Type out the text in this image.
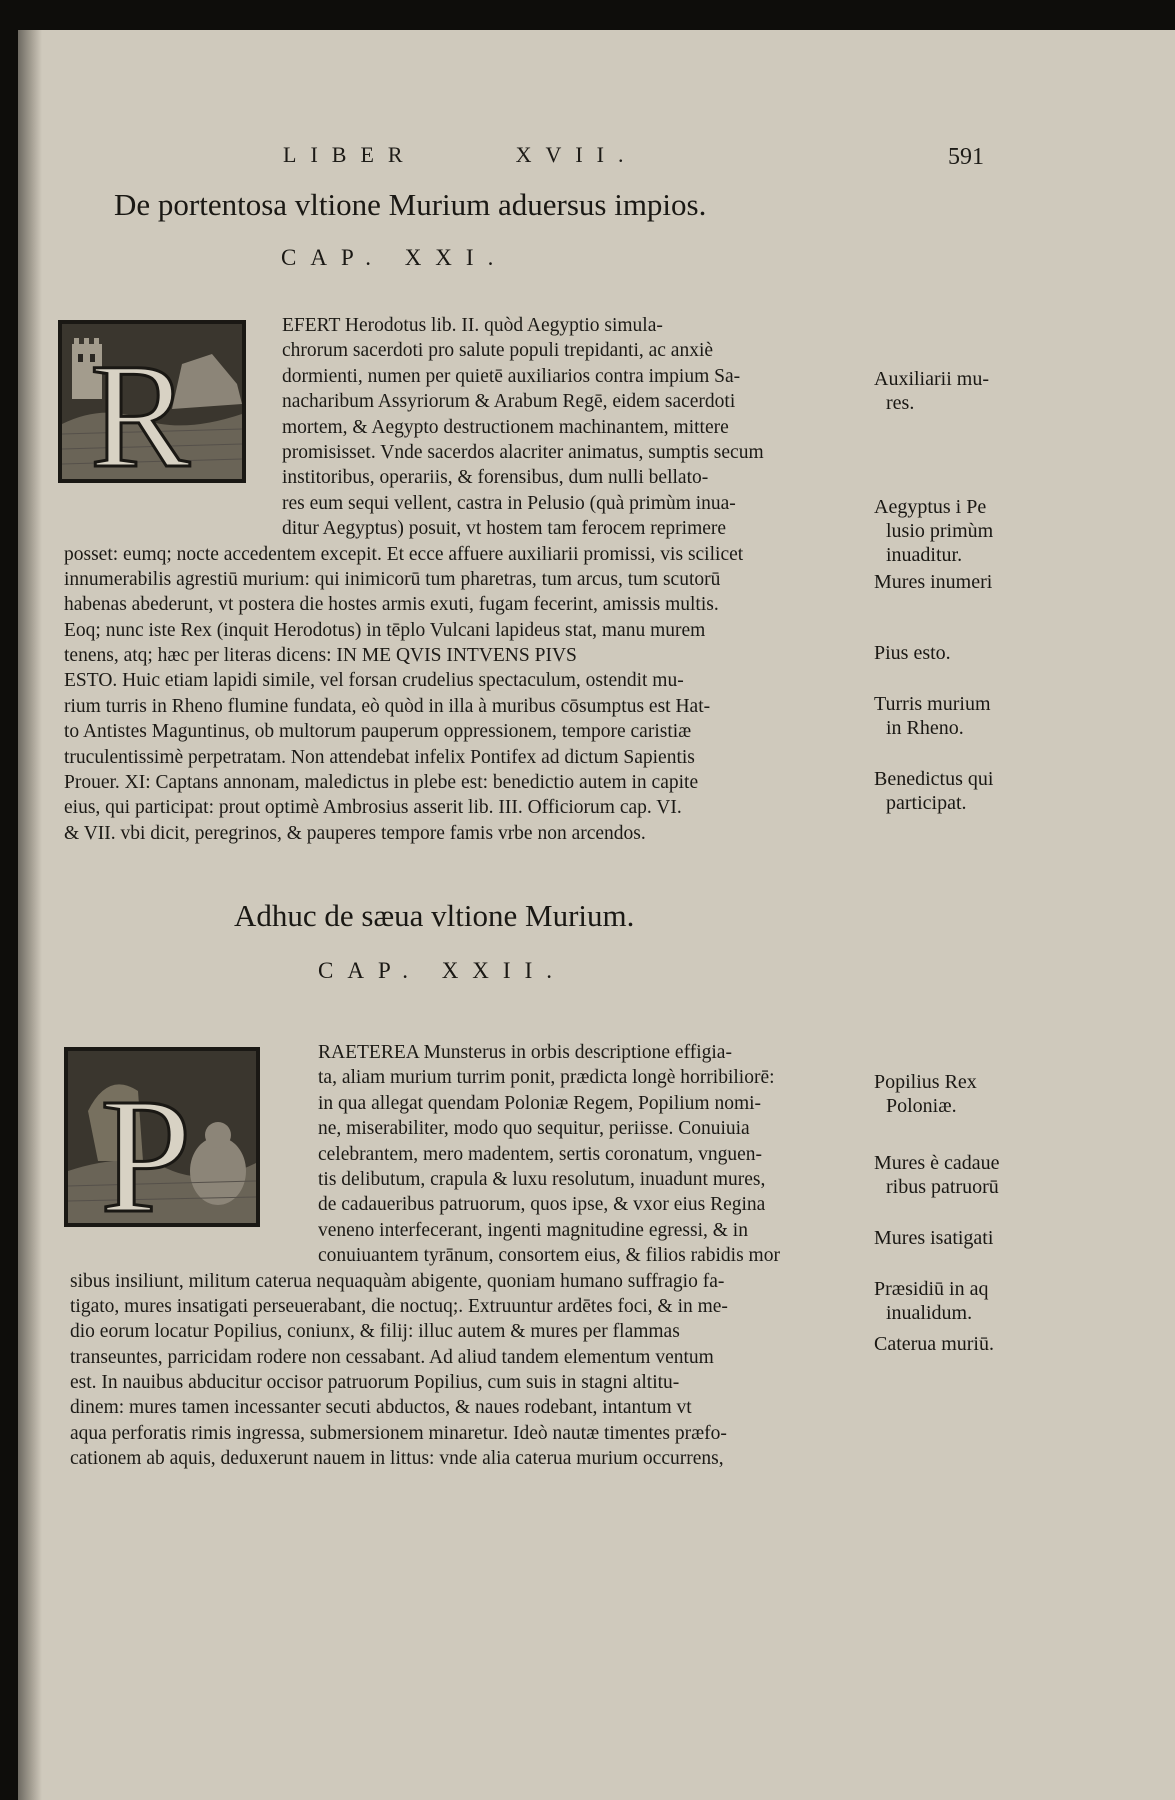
LIBER	XVII.	591
De portentosa vltione Murium aduersus impios.
CAP. XXI.
R
EFERT Herodotus lib. II. quòd Aegyptio simula-
chrorum sacerdoti pro salute populi trepidanti, ac anxiè
dormienti, numen per quietē auxiliarios contra impium Sa-
nacharibum Assyriorum & Arabum Regē, eidem sacerdoti
mortem, & Aegypto destructionem machinantem, mittere
promisisset. Vnde sacerdos alacriter animatus, sumptis secum
institoribus, operariis, & forensibus, dum nulli bellato-
res eum sequi vellent, castra in Pelusio (quà primùm inua-
ditur Aegyptus) posuit, vt hostem tam ferocem reprimere
posset: eumq; nocte accedentem excepit. Et ecce affuere auxiliarii promissi, vis scilicet
innumerabilis agrestiū murium: qui inimicorū tum pharetras, tum arcus, tum scutorū
habenas abederunt, vt postera die hostes armis exuti, fugam fecerint, amissis multis.
Eoq; nunc iste Rex (inquit Herodotus) in tēplo Vulcani lapideus stat, manu murem
tenens, atq; hæc per literas dicens: IN ME QVIS INTVENS PIVS
ESTO. Huic etiam lapidi simile, vel forsan crudelius spectaculum, ostendit mu-
rium turris in Rheno flumine fundata, eò quòd in illa à muribus cōsumptus est Hat-
to Antistes Maguntinus, ob multorum pauperum oppressionem, tempore caristiæ
truculentissimè perpetratam. Non attendebat infelix Pontifex ad dictum Sapientis
Prouer. XI: Captans annonam, maledictus in plebe est: benedictio autem in capite
eius, qui participat: prout optimè Ambrosius asserit lib. III. Officiorum cap. VI.
& VII. vbi dicit, peregrinos, & pauperes tempore famis vrbe non arcendos.
Auxiliarii mu-
res.
Aegyptus i Pe
lusio primùm
inuaditur.
Mures inumeri
Pius esto.
Turris murium
in Rheno.
Benedictus qui
participat.
Adhuc de sæua vltione Murium.
CAP. XXII.
P
RAETEREA Munsterus in orbis descriptione effigia-
ta, aliam murium turrim ponit, prædicta longè horribiliorē:
in qua allegat quendam Poloniæ Regem, Popilium nomi-
ne, miserabiliter, modo quo sequitur, periisse. Conuiuia
celebrantem, mero madentem, sertis coronatum, vnguen-
tis delibutum, crapula & luxu resolutum, inuadunt mures,
de cadaueribus patruorum, quos ipse, & vxor eius Regina
veneno interfecerant, ingenti magnitudine egressi, & in
conuiuantem tyrānum, consortem eius, & filios rabidis mor
sibus insiliunt, militum caterua nequaquàm abigente, quoniam humano suffragio fa-
tigato, mures insatigati perseuerabant, die noctuq;. Extruuntur ardētes foci, & in me-
dio eorum locatur Popilius, coniunx, & filij: illuc autem & mures per flammas
transeuntes, parricidam rodere non cessabant. Ad aliud tandem elementum ventum
est. In nauibus abducitur occisor patruorum Popilius, cum suis in stagni altitu-
dinem: mures tamen incessanter secuti abductos, & naues rodebant, intantum vt
aqua perforatis rimis ingressa, submersionem minaretur. Ideò nautæ timentes præfo-
cationem ab aquis, deduxerunt nauem in littus: vnde alia caterua murium occurrens,
Popilius Rex
Poloniæ.
Mures è cadaue
ribus patruorū
Mures isatigati
Præsidiū in aq
inualidum.
Caterua muriū.
